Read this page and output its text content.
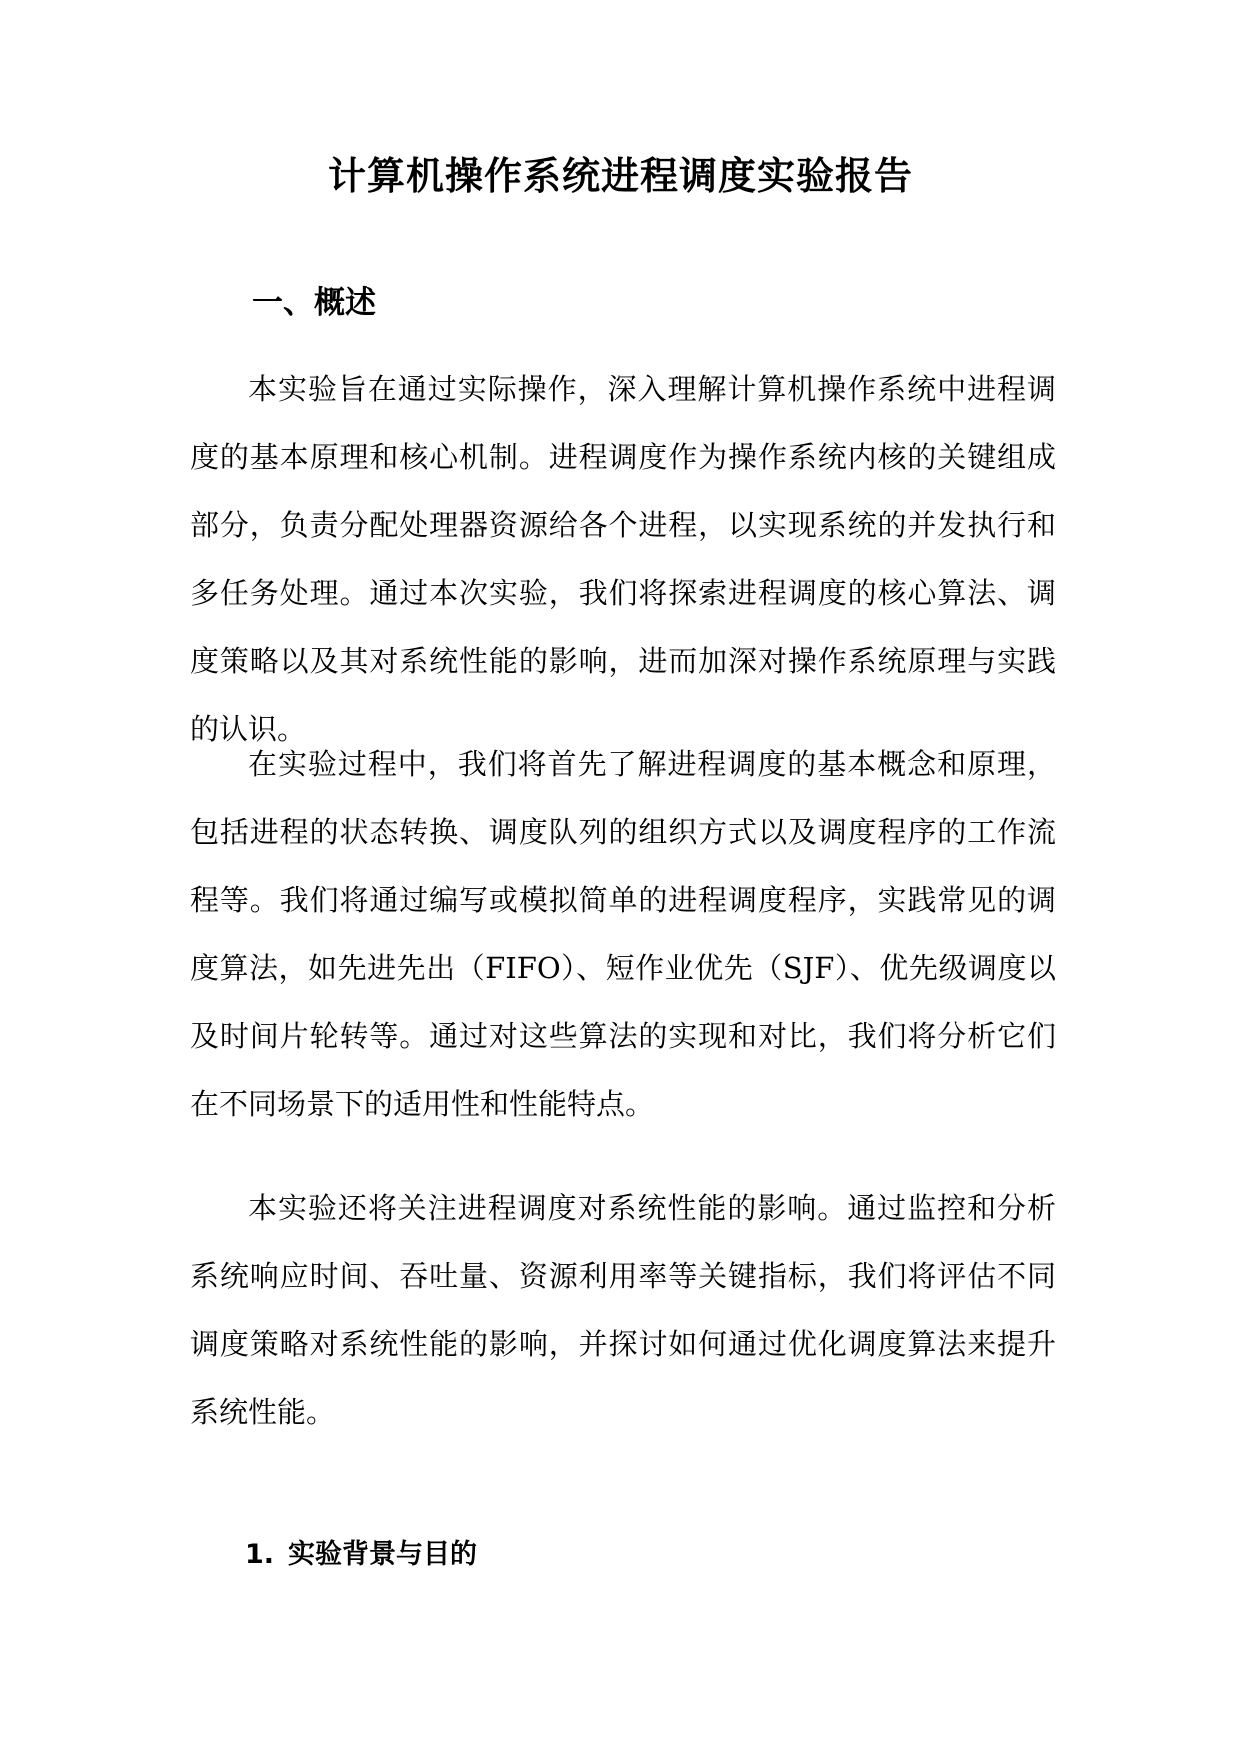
计算机操作系统进程调度实验报告
一、概述

本实验旨在通过实际操作，深入理解计算机操作系统中进程调度的基本原理和核心机制。进程调度作为操作系统内核的关键组成部分，负责分配处理器资源给各个进程，以实现系统的并发执行和多任务处理。通过本次实验，我们将探索进程调度的核心算法、调度策略以及其对系统性能的影响，进而加深对操作系统原理与实践的认识。

在实验过程中，我们将首先了解进程调度的基本概念和原理，包括进程的状态转换、调度队列的组织方式以及调度程序的工作流程等。我们将通过编写或模拟简单的进程调度程序，实践常见的调度算法，如先进先出（FIFO）、短作业优先（SJF）、优先级调度以及时间片轮转等。通过对这些算法的实现和对比，我们将分析它们在不同场景下的适用性和性能特点。

本实验还将关注进程调度对系统性能的影响。通过监控和分析系统响应时间、吞吐量、资源利用率等关键指标，我们将评估不同调度策略对系统性能的影响，并探讨如何通过优化调度算法来提升系统性能。

1. 实验背景与目的
